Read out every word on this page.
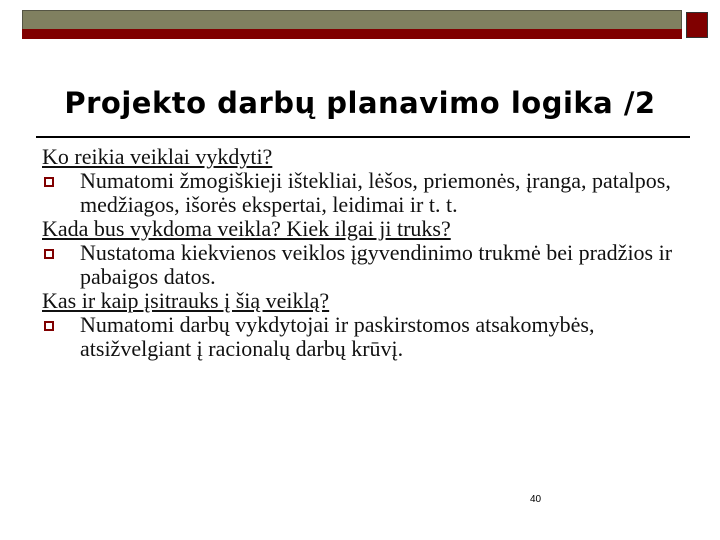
Projekto darbų planavimo logika /2

Ko reikia veiklai vykdyti?

Numatomi žmogiškieji ištekliai, lėšos, priemonės, įranga, patalpos, medžiagos, išorės ekspertai, leidimai ir t. t.

Kada bus vykdoma veikla? Kiek ilgai ji truks?

Nustatoma kiekvienos veiklos įgyvendinimo trukmė bei pradžios ir pabaigos datos.

Kas ir kaip įsitrauks į šią veiklą?

Numatomi darbų vykdytojai ir paskirstomos atsakomybės, atsižvelgiant į racionalų darbų krūvį.

40
